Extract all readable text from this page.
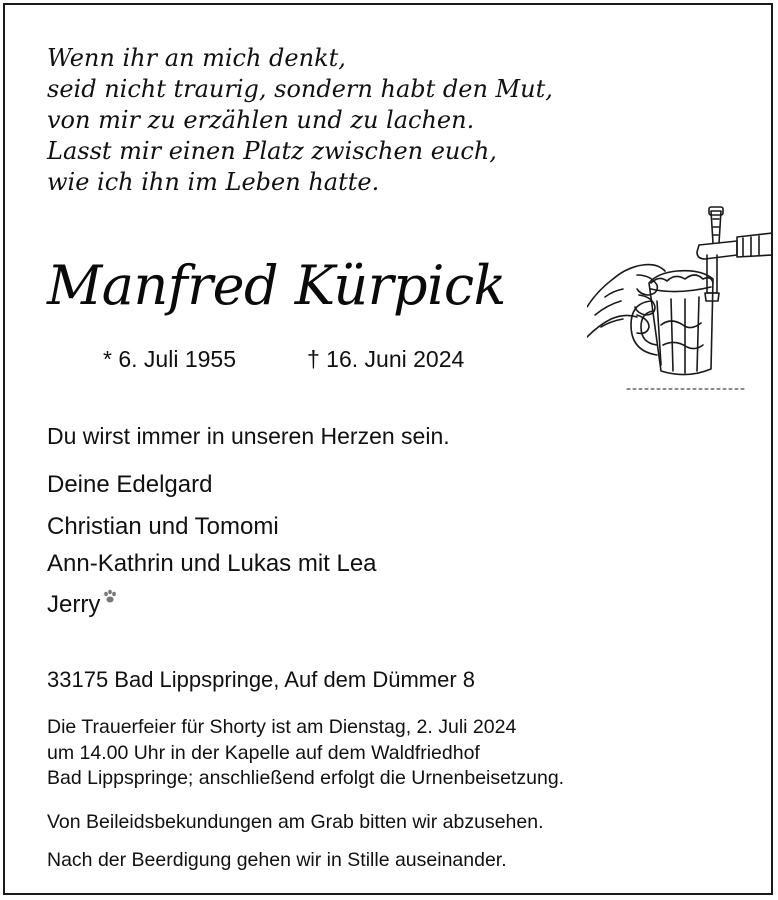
Wenn ihr an mich denkt,
seid nicht traurig, sondern habt den Mut,
von mir zu erzählen und zu lachen.
Lasst mir einen Platz zwischen euch,
wie ich ihn im Leben hatte.
Manfred Kürpick
* 6. Juli 1955	† 16. Juni 2024
Du wirst immer in unseren Herzen sein.
Deine Edelgard
Christian und Tomomi
Ann-Kathrin und Lukas mit Lea
Jerry
33175 Bad Lippspringe, Auf dem Dümmer 8
Die Trauerfeier für Shorty ist am Dienstag, 2. Juli 2024
um 14.00 Uhr in der Kapelle auf dem Waldfriedhof
Bad Lippspringe; anschließend erfolgt die Urnenbeisetzung.
Von Beileidsbekundungen am Grab bitten wir abzusehen.
Nach der Beerdigung gehen wir in Stille auseinander.
